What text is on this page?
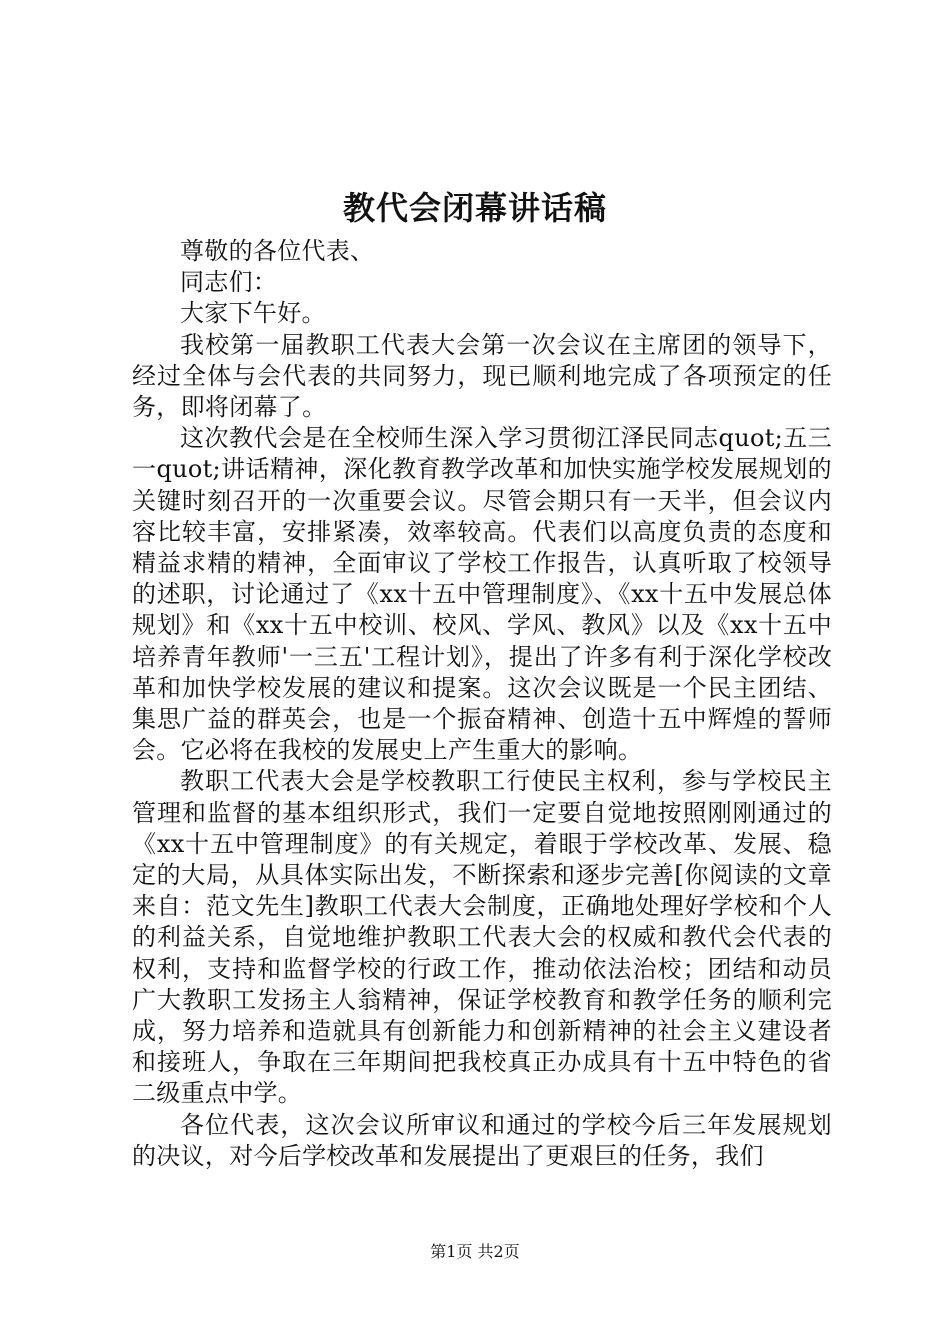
教代会闭幕讲话稿

尊敬的各位代表、

同志们：

大家下午好。

我校第一届教职工代表大会第一次会议在主席团的领导下，经过全体与会代表的共同努力，现已顺利地完成了各项预定的任务，即将闭幕了。

这次教代会是在全校师生深入学习贯彻江泽民同志quot;五三一quot;讲话精神，深化教育教学改革和加快实施学校发展规划的关键时刻召开的一次重要会议。尽管会期只有一天半，但会议内容比较丰富，安排紧凑，效率较高。代表们以高度负责的态度和精益求精的精神，全面审议了学校工作报告，认真听取了校领导的述职，讨论通过了《xx十五中管理制度》、《xx十五中发展总体规划》和《xx十五中校训、校风、学风、教风》以及《xx十五中培养青年教师'一三五'工程计划》，提出了许多有利于深化学校改革和加快学校发展的建议和提案。这次会议既是一个民主团结、集思广益的群英会，也是一个振奋精神、创造十五中辉煌的誓师会。它必将在我校的发展史上产生重大的影响。

教职工代表大会是学校教职工行使民主权利，参与学校民主管理和监督的基本组织形式，我们一定要自觉地按照刚刚通过的《xx十五中管理制度》的有关规定，着眼于学校改革、发展、稳定的大局，从具体实际出发，不断探索和逐步完善[你阅读的文章来自：范文先生]教职工代表大会制度，正确地处理好学校和个人的利益关系，自觉地维护教职工代表大会的权威和教代会代表的权利，支持和监督学校的行政工作，推动依法治校；团结和动员广大教职工发扬主人翁精神，保证学校教育和教学任务的顺利完成，努力培养和造就具有创新能力和创新精神的社会主义建设者和接班人，争取在三年期间把我校真正办成具有十五中特色的省二级重点中学。

各位代表，这次会议所审议和通过的学校今后三年发展规划的决议，对今后学校改革和发展提出了更艰巨的任务，我们

第1页 共2页
